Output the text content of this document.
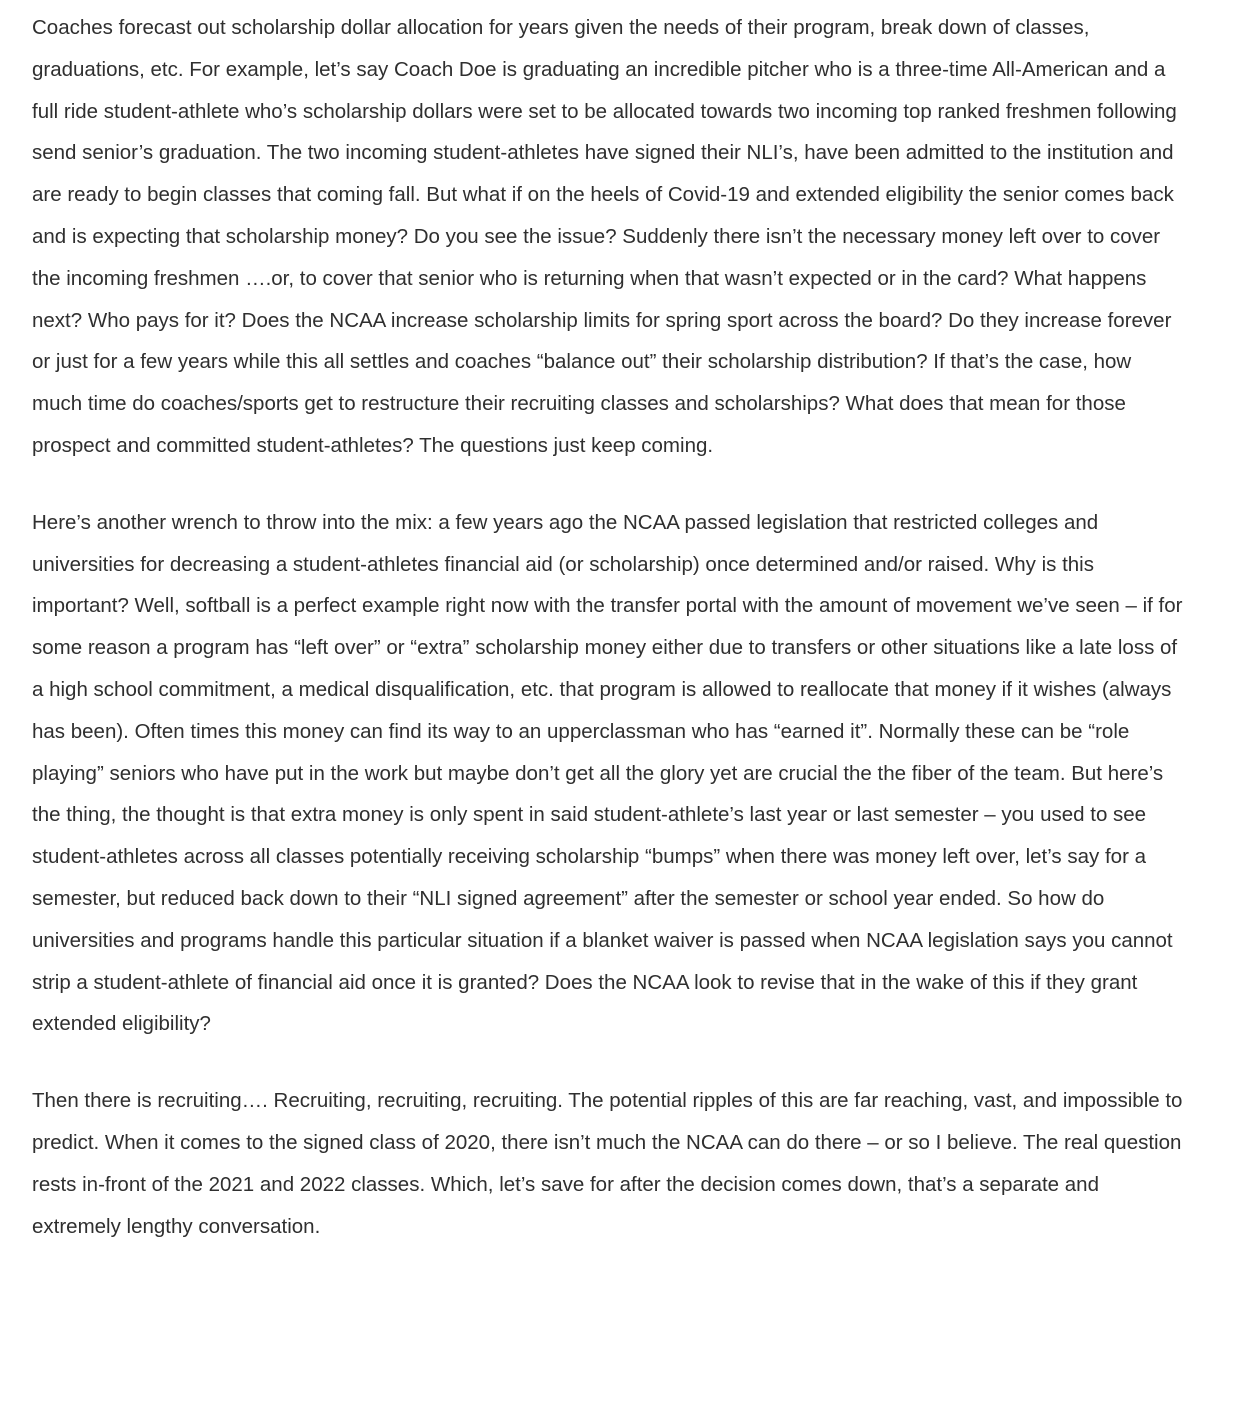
Coaches forecast out scholarship dollar allocation for years given the needs of their program, break down of classes, graduations, etc. For example, let’s say Coach Doe is graduating an incredible pitcher who is a three-time All-American and a full ride student-athlete who’s scholarship dollars were set to be allocated towards two incoming top ranked freshmen following send senior’s graduation. The two incoming student-athletes have signed their NLI’s, have been admitted to the institution and are ready to begin classes that coming fall. But what if on the heels of Covid-19 and extended eligibility the senior comes back and is expecting that scholarship money? Do you see the issue? Suddenly there isn’t the necessary money left over to cover the incoming freshmen ….or, to cover that senior who is returning when that wasn’t expected or in the card? What happens next? Who pays for it? Does the NCAA increase scholarship limits for spring sport across the board? Do they increase forever or just for a few years while this all settles and coaches “balance out” their scholarship distribution? If that’s the case, how much time do coaches/sports get to restructure their recruiting classes and scholarships? What does that mean for those prospect and committed student-athletes? The questions just keep coming.

Here’s another wrench to throw into the mix: a few years ago the NCAA passed legislation that restricted colleges and universities for decreasing a student-athletes financial aid (or scholarship) once determined and/or raised. Why is this important? Well, softball is a perfect example right now with the transfer portal with the amount of movement we’ve seen – if for some reason a program has “left over” or “extra” scholarship money either due to transfers or other situations like a late loss of a high school commitment, a medical disqualification, etc. that program is allowed to reallocate that money if it wishes (always has been). Often times this money can find its way to an upperclassman who has “earned it”. Normally these can be “role playing” seniors who have put in the work but maybe don’t get all the glory yet are crucial the the fiber of the team. But here’s the thing, the thought is that extra money is only spent in said student-athlete’s last year or last semester – you used to see student-athletes across all classes potentially receiving scholarship “bumps” when there was money left over, let’s say for a semester, but reduced back down to their “NLI signed agreement” after the semester or school year ended. So how do universities and programs handle this particular situation if a blanket waiver is passed when NCAA legislation says you cannot strip a student-athlete of financial aid once it is granted? Does the NCAA look to revise that in the wake of this if they grant extended eligibility?

Then there is recruiting…. Recruiting, recruiting, recruiting. The potential ripples of this are far reaching, vast, and impossible to predict. When it comes to the signed class of 2020, there isn’t much the NCAA can do there – or so I believe. The real question rests in-front of the 2021 and 2022 classes. Which, let’s save for after the decision comes down, that’s a separate and extremely lengthy conversation.
